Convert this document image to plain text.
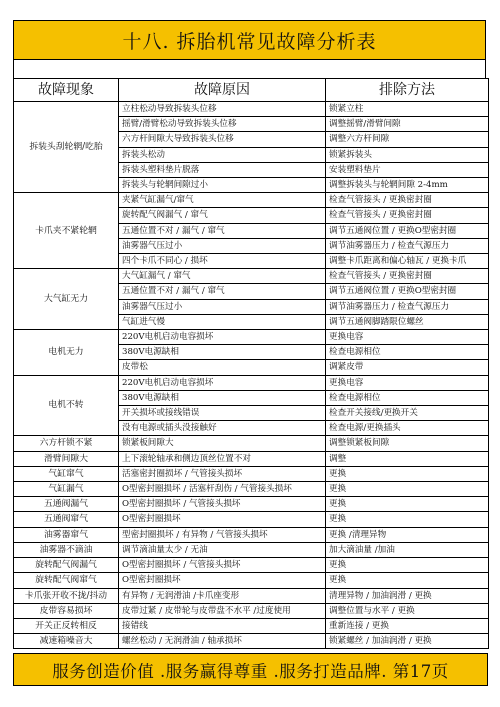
十八. 拆胎机常见故障分析表
故障现象	故障原因	排除方法
拆装头刮轮辋/吃胎	立柱松动导致拆装头位移	锁紧立柱
	摇臂/滑臂松动导致拆装头位移	调整摇臂/滑臂间隙
	六方杆间隙大导致拆装头位移	调整六方杆间隙
	拆装头松动	锁紧拆装头
	拆装头塑料垫片脱落	安装塑料垫片
	拆装头与轮辋间隙过小	调整拆装头与轮辋间隙 2-4mm
卡爪夹不紧轮辋	夹紧气缸漏气/窜气	检查气管接头 / 更换密封圈
	旋转配气阀漏气 / 窜气	检查气管接头 / 更换密封圈
	五通位置不对 / 漏气 / 窜气	调节五通阀位置 / 更换O型密封圈
	油雾器气压过小	调节油雾器压力 / 检查气源压力
	四个卡爪不同心 / 损坏	调整卡爪距离和偏心轴瓦 / 更换卡爪
大气缸无力	大气缸漏气 / 窜气	检查气管接头 / 更换密封圈
	五通位置不对 / 漏气 / 窜气	调节五通阀位置 / 更换O型密封圈
	油雾器气压过小	调节油雾器压力 / 检查气源压力
	气缸进气慢	调节五通阀脚踏限位螺丝
电机无力	220V电机启动电容损坏	更换电容
	380V电源缺相	检查电源相位
	皮带松	调紧皮带
电机不转	220V电机启动电容损坏	更换电容
	380V电源缺相	检查电源相位
	开关损坏或接线错误	检查开关接线/更换开关
	没有电源或插头没接触好	检查电源/更换插头
六方杆锁不紧	锁紧板间隙大	调整锁紧板间隙
滑臂间隙大	上下滚轮轴承和侧边顶丝位置不对	调整
气缸窜气	活塞密封圈损坏 / 气管接头损坏	更换
气缸漏气	O型密封圈损坏 / 活塞杆刮伤 / 气管接头损坏	更换
五通阀漏气	O型密封圈损坏 / 气管接头损坏	更换
五通阀窜气	O型密封圈损坏	更换
油雾器窜气	型密封圈损坏 / 有异物 / 气管接头损坏	更换 /清理异物
油雾器不滴油	调节滴油量太少 / 无油	加大滴油量 /加油
旋转配气阀漏气	O型密封圈损坏 / 气管接头损坏	更换
旋转配气阀窜气	O型密封圈损坏	更换
卡爪张开收不拢/抖动	有异物 / 无润滑油 /卡爪座变形	清理异物 / 加油润滑 / 更换
皮带容易损坏	皮带过紧 / 皮带轮与皮带盘不水平 /过度使用	调整位置与水平 / 更换
开关正反转相反	接错线	重新连接 / 更换
减速箱噪音大	螺丝松动 / 无润滑油 / 轴承损坏	锁紧螺丝 / 加油润滑 / 更换
服务创造价值 .服务赢得尊重 .服务打造品牌. 第17页
